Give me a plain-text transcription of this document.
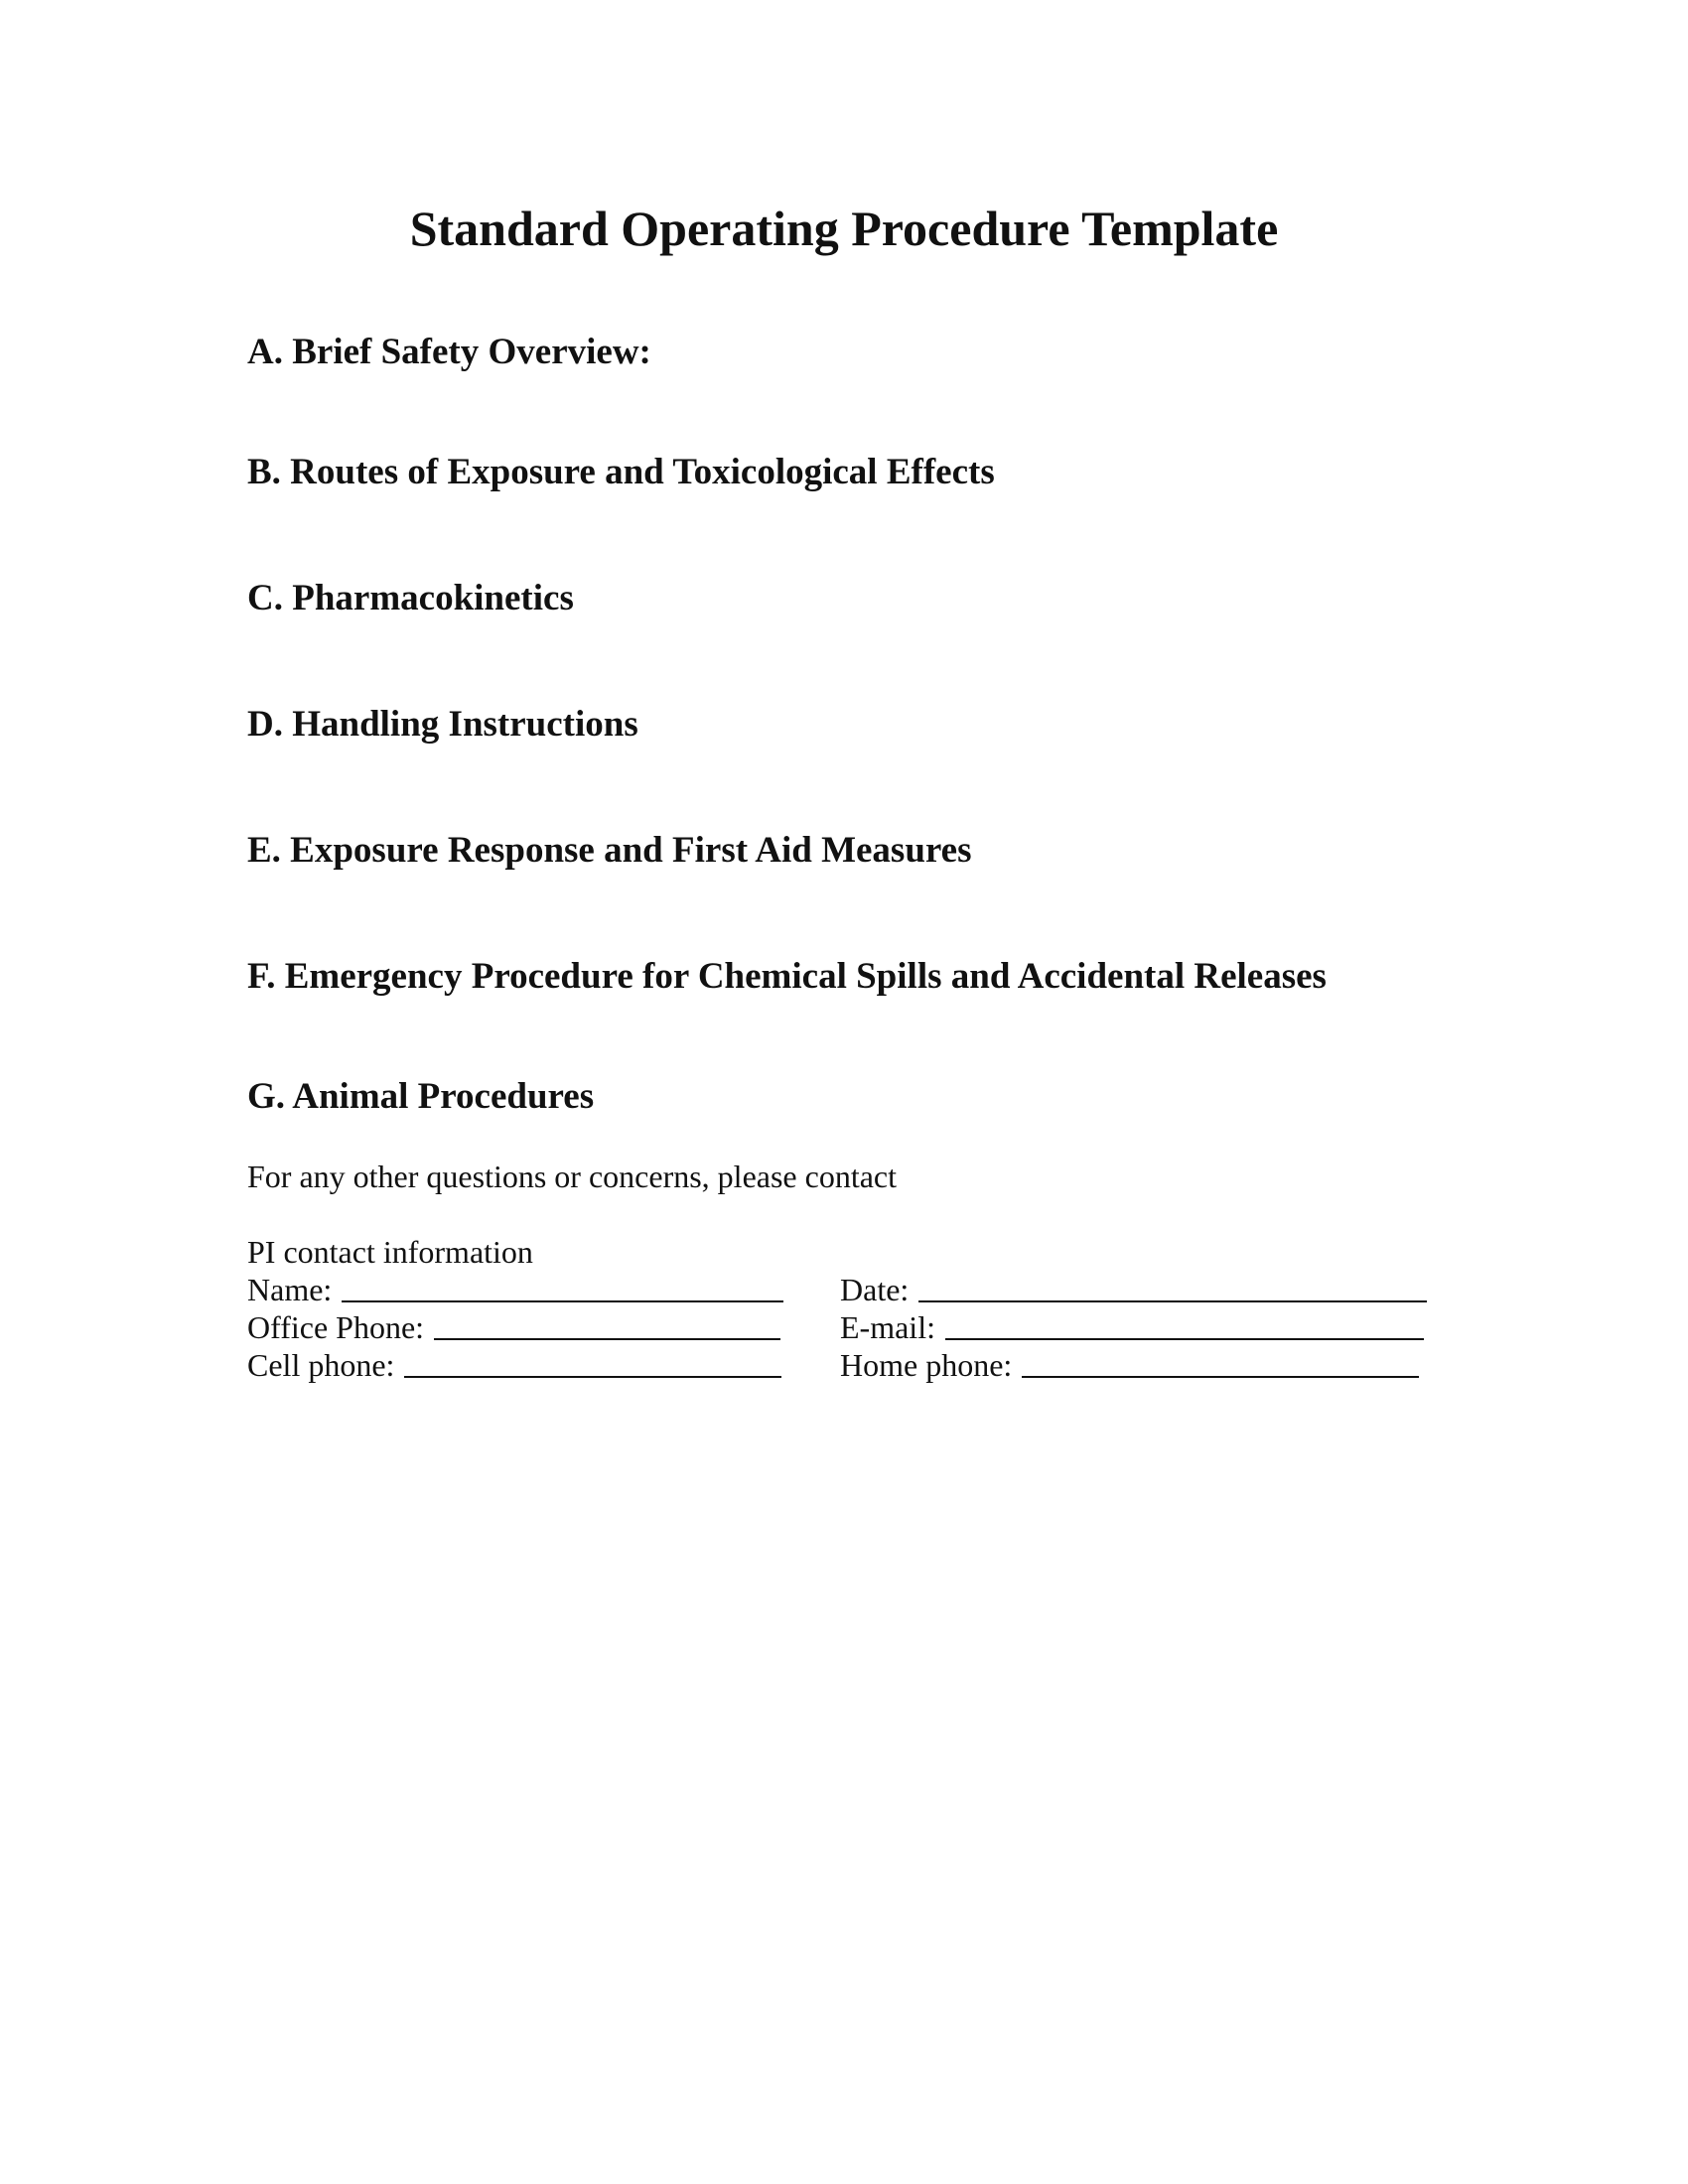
Standard Operating Procedure Template
A. Brief Safety Overview:
B. Routes of Exposure and Toxicological Effects
C. Pharmacokinetics
D. Handling Instructions
E. Exposure Response and First Aid Measures
F. Emergency Procedure for Chemical Spills and Accidental Releases
G. Animal Procedures

For any other questions or concerns, please contact

PI contact information

Name:	Date:
Office Phone:	E-mail:
Cell phone:	Home phone:
